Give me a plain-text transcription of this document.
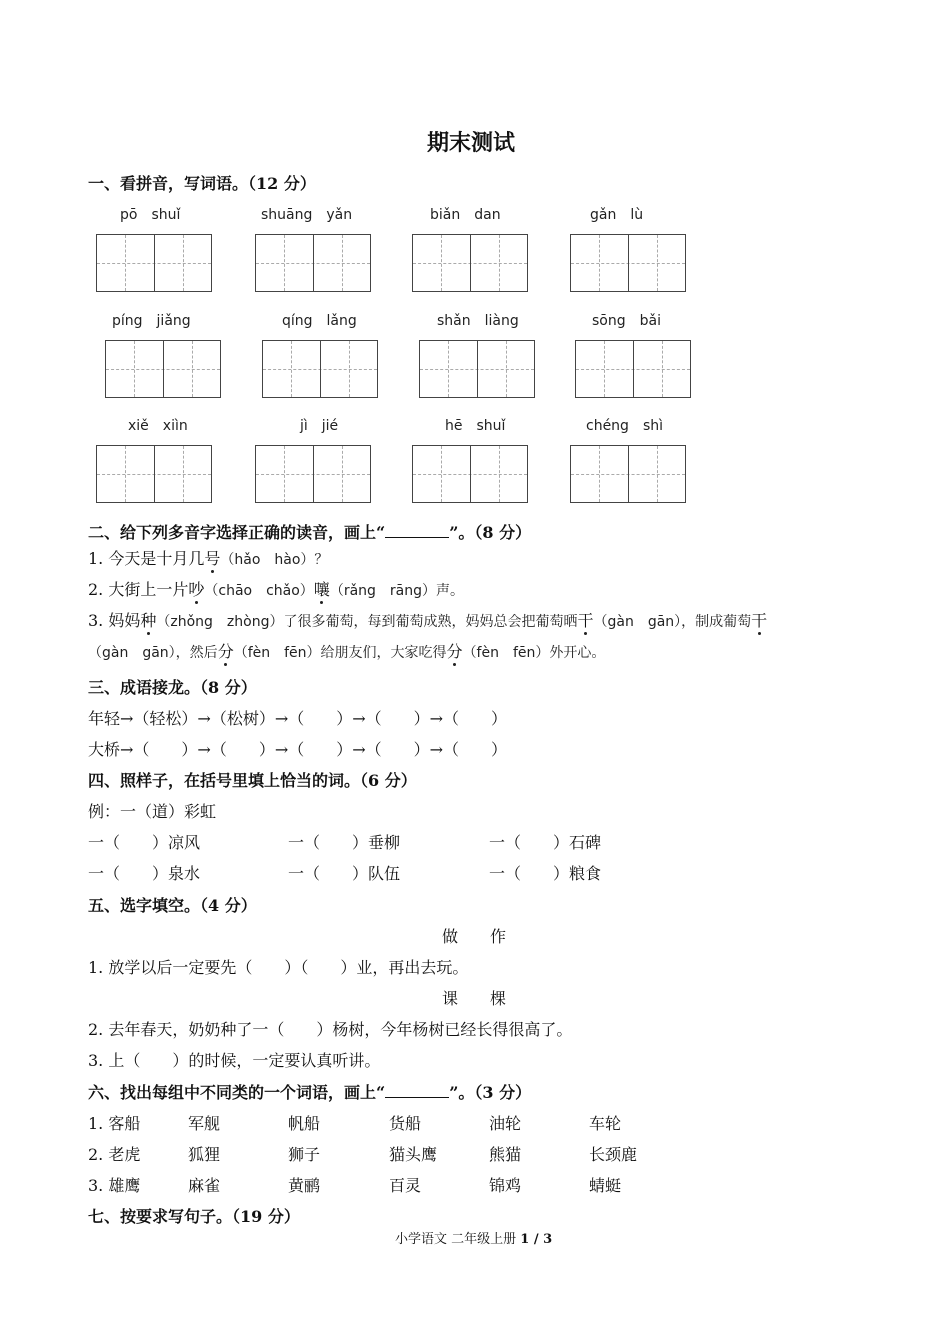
期末测试
一、看拼音，写词语。（12 分）
pō　shuǐ	shuāng　yǎn	biǎn　dan	gǎn　lù
píng　jiǎng	qíng　lǎng	shǎn　liàng	sōng　bǎi
xiě　xiìn	jì　jié	hē　shuǐ	chéng　shì
二、给下列多音字选择正确的读音，画上“	”。（8 分）
1. 今天是十月几号（hǎo　hào）？
2. 大街上一片吵（chāo　chǎo）嚷（rǎng　rāng）声。
3. 妈妈种（zhǒng　zhòng）了很多葡萄，每到葡萄成熟，妈妈总会把葡萄晒干（gàn　gān），制成葡萄干
（gàn　gān），然后分（fèn　fēn）给朋友们，大家吃得分（fèn　fēn）外开心。
三、成语接龙。（8 分）
年轻→（轻松）→（松树）→（　　）→（　　）→（　　）
大桥→（　　）→（　　）→（　　）→（　　）→（　　）
四、照样子，在括号里填上恰当的词。（6 分）
例：一（道）彩虹
一（　　）凉风	一（　　）垂柳	一（　　）石碑
一（　　）泉水	一（　　）队伍	一（　　）粮食
五、选字填空。（4 分）
做　　作
1. 放学以后一定要先（　　）（　　）业，再出去玩。
课　　棵
2. 去年春天，奶奶种了一（　　）杨树，今年杨树已经长得很高了。
3. 上（　　）的时候，一定要认真听讲。
六、找出每组中不同类的一个词语，画上“	”。（3 分）
1. 客船	军舰	帆船	货船	油轮	车轮
2. 老虎	狐狸	狮子	猫头鹰	熊猫	长颈鹿
3. 雄鹰	麻雀	黄鹂	百灵	锦鸡	蜻蜓
七、按要求写句子。（19 分）
小学语文 二年级上册 1 / 3
